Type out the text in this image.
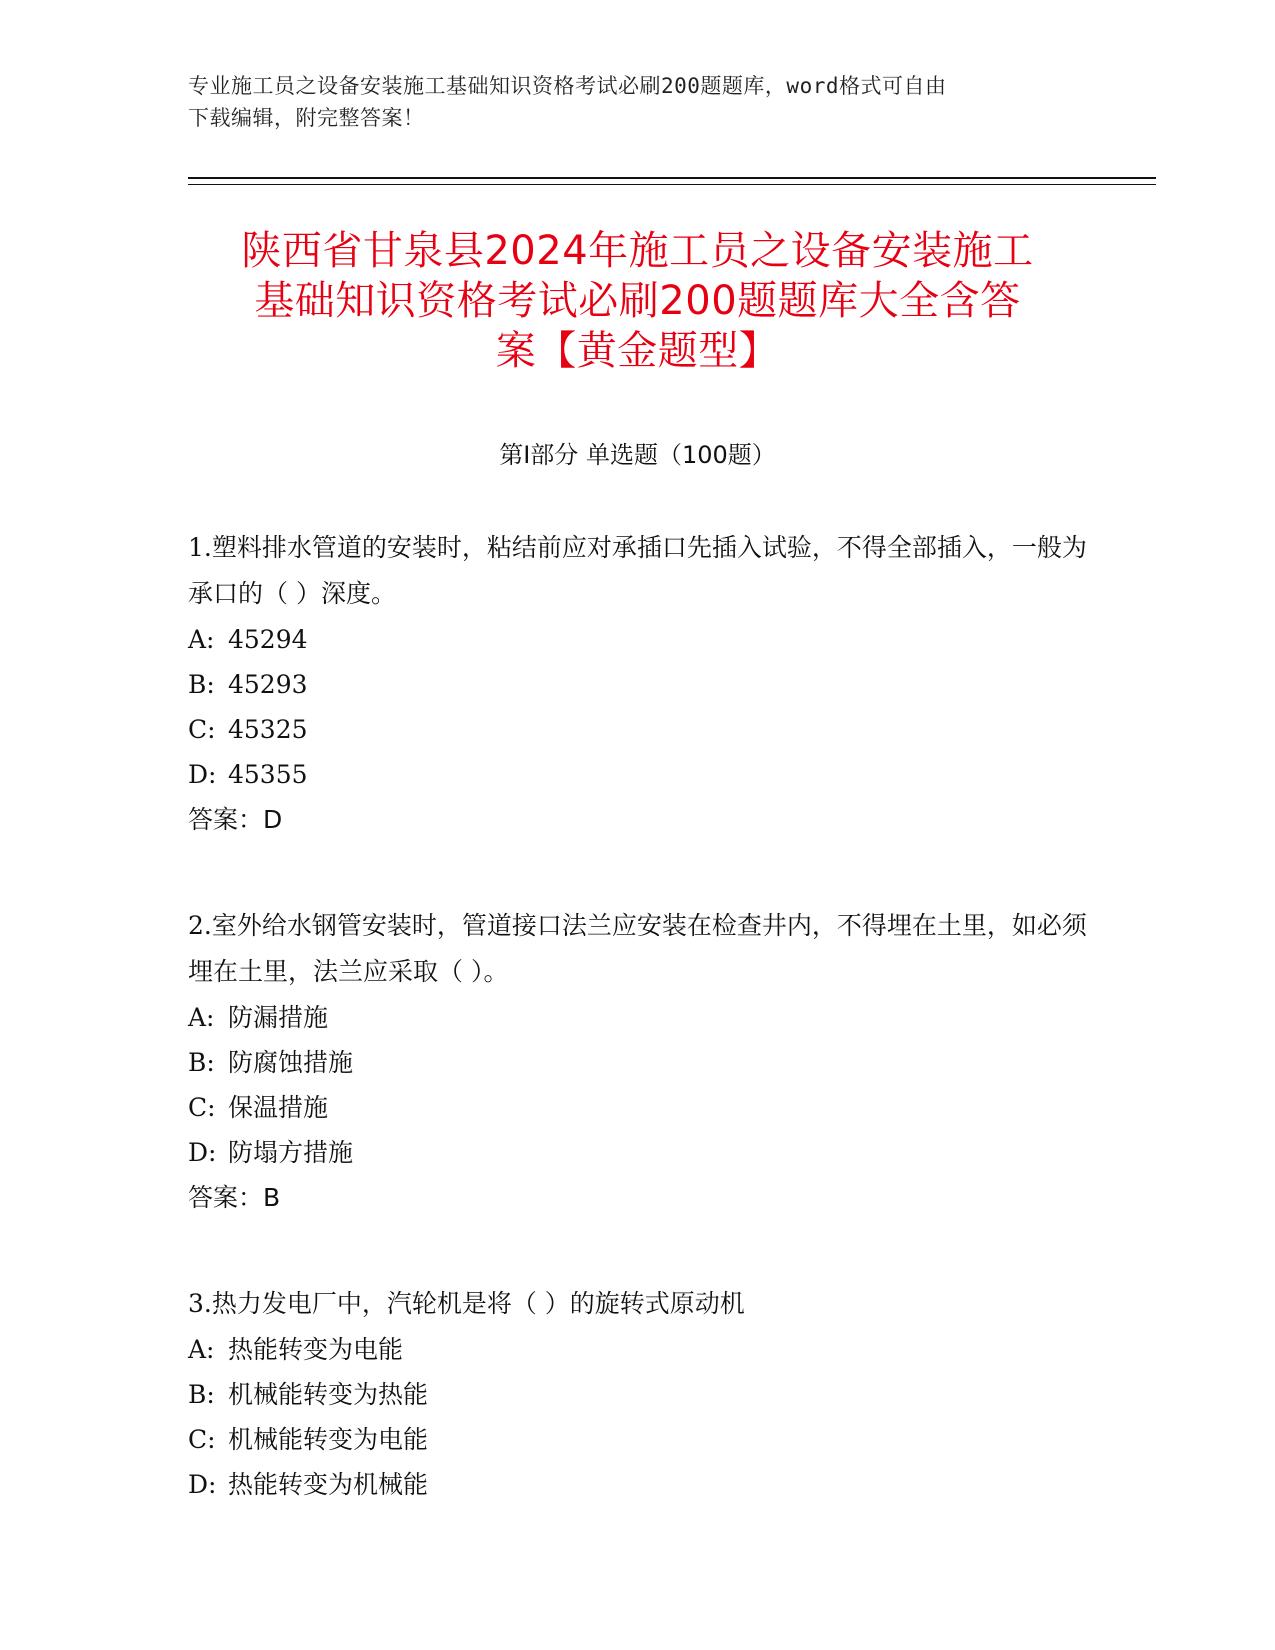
专业施工员之设备安装施工基础知识资格考试必刷200题题库，word格式可自由
下载编辑，附完整答案！
陕西省甘泉县2024年施工员之设备安装施工
基础知识资格考试必刷200题题库大全含答
案【黄金题型】
第Ⅰ部分 单选题（100题）

1.塑料排水管道的安装时，粘结前应对承插口先插入试验，不得全部插入，一般为承口的（ ）深度。

A: 45294

B: 45293

C: 45325

D: 45355

答案：D

2.室外给水钢管安装时，管道接口法兰应安装在检查井内，不得埋在土里，如必须埋在土里，法兰应采取（ ）。

A: 防漏措施

B: 防腐蚀措施

C: 保温措施

D: 防塌方措施

答案：B

3.热力发电厂中，汽轮机是将（ ）的旋转式原动机

A: 热能转变为电能

B: 机械能转变为热能

C: 机械能转变为电能

D: 热能转变为机械能
